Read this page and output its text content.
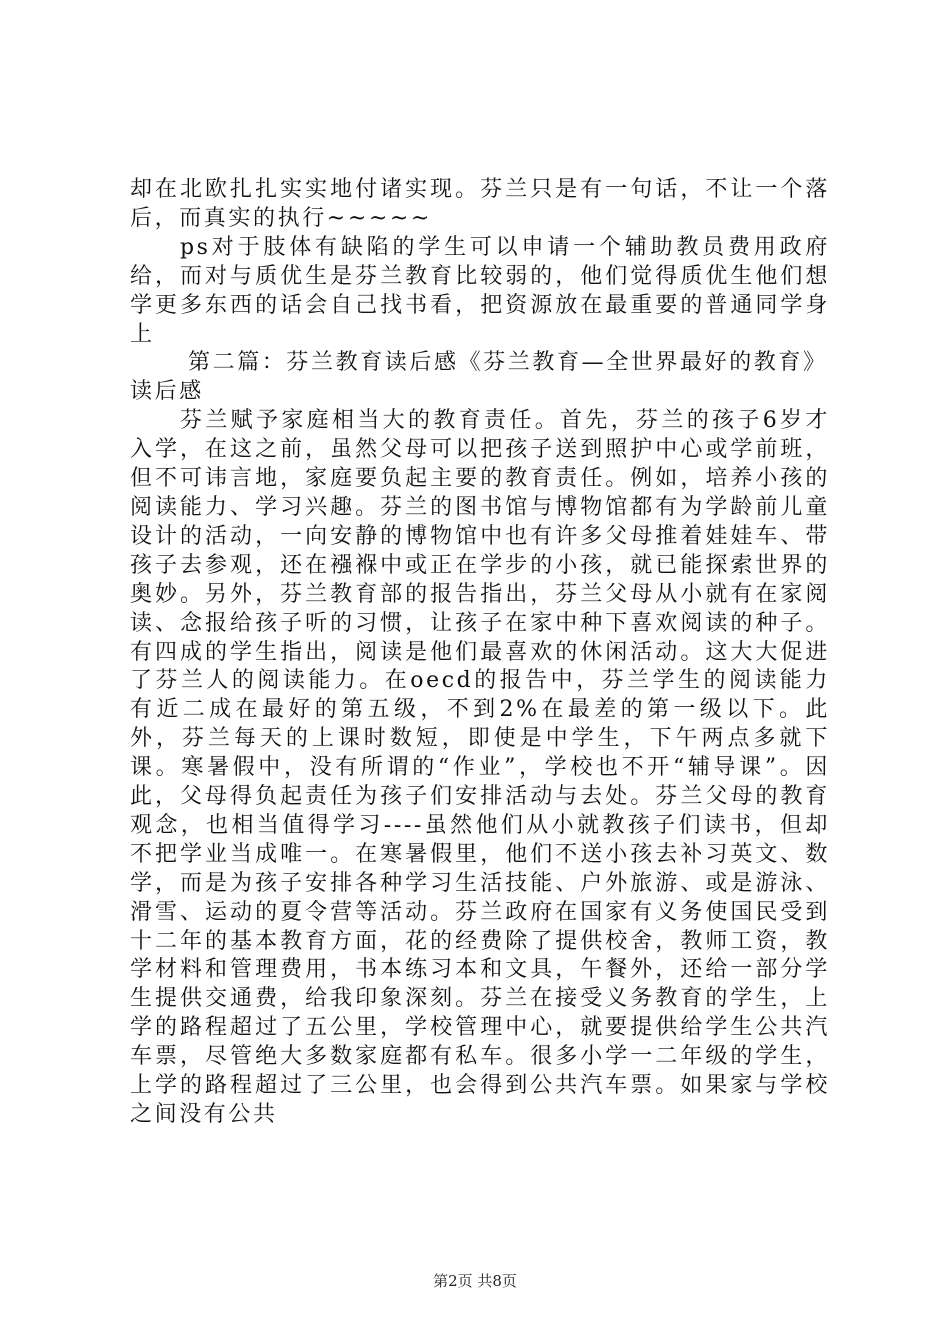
却在北欧扎扎实实地付诸实现。芬兰只是有一句话，不让一个落后，而真实的执行~~~~~

ps对于肢体有缺陷的学生可以申请一个辅助教员费用政府给，而对与质优生是芬兰教育比较弱的，他们觉得质优生他们想学更多东西的话会自己找书看，把资源放在最重要的普通同学身上

第二篇：芬兰教育读后感《芬兰教育—全世界最好的教育》读后感

芬兰赋予家庭相当大的教育责任。首先，芬兰的孩子6岁才入学，在这之前，虽然父母可以把孩子送到照护中心或学前班，但不可讳言地，家庭要负起主要的教育责任。例如，培养小孩的阅读能力、学习兴趣。芬兰的图书馆与博物馆都有为学龄前儿童设计的活动，一向安静的博物馆中也有许多父母推着娃娃车、带孩子去参观，还在襁褓中或正在学步的小孩，就已能探索世界的奥妙。另外，芬兰教育部的报告指出，芬兰父母从小就有在家阅读、念报给孩子听的习惯，让孩子在家中种下喜欢阅读的种子。有四成的学生指出，阅读是他们最喜欢的休闲活动。这大大促进了芬兰人的阅读能力。在oecd的报告中，芬兰学生的阅读能力有近二成在最好的第五级，不到2%在最差的第一级以下。此外，芬兰每天的上课时数短，即使是中学生，下午两点多就下课。寒暑假中，没有所谓的“作业”，学校也不开“辅导课”。因此，父母得负起责任为孩子们安排活动与去处。芬兰父母的教育观念，也相当值得学习----虽然他们从小就教孩子们读书，但却不把学业当成唯一。在寒暑假里，他们不送小孩去补习英文、数学，而是为孩子安排各种学习生活技能、户外旅游、或是游泳、滑雪、运动的夏令营等活动。芬兰政府在国家有义务使国民受到十二年的基本教育方面，花的经费除了提供校舍，教师工资，教学材料和管理费用，书本练习本和文具，午餐外，还给一部分学生提供交通费，给我印象深刻。芬兰在接受义务教育的学生，上学的路程超过了五公里，学校管理中心，就要提供给学生公共汽车票，尽管绝大多数家庭都有私车。很多小学一二年级的学生，上学的路程超过了三公里，也会得到公共汽车票。如果家与学校之间没有公共

第2页 共8页
